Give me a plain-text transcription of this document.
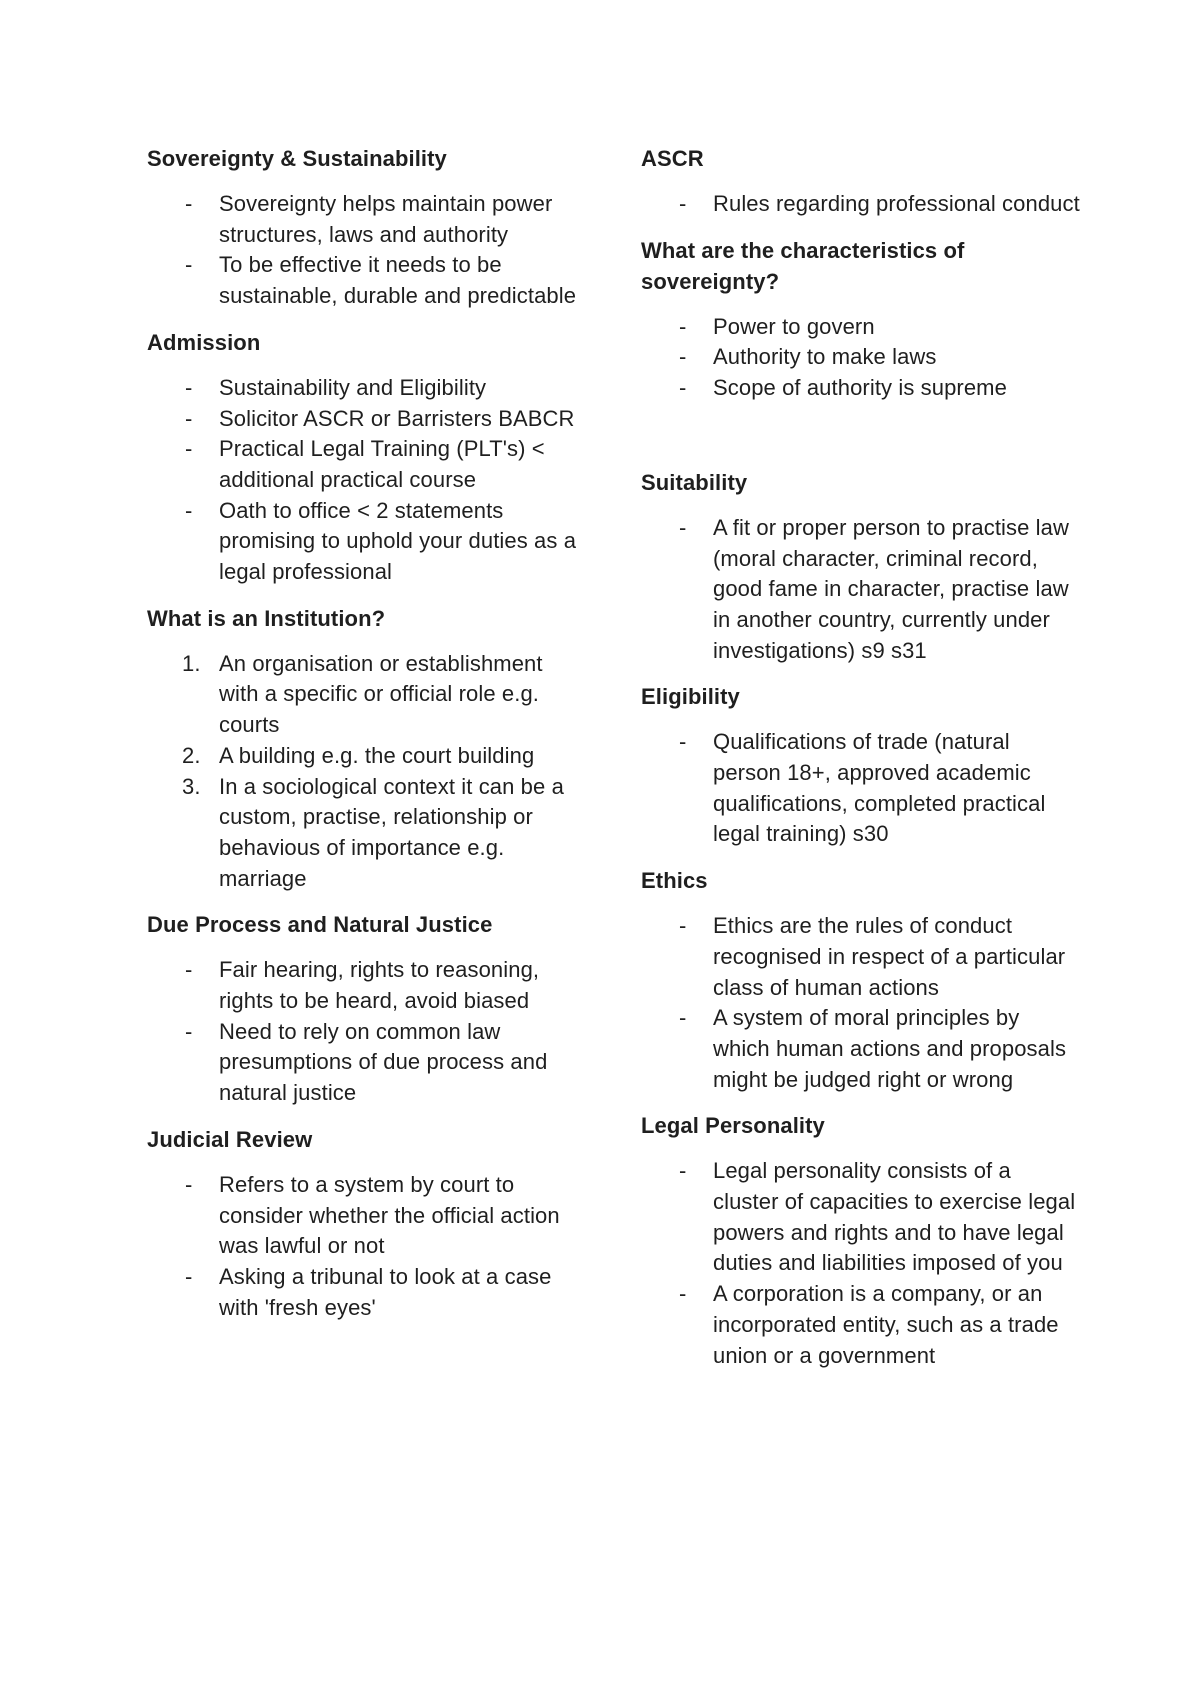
Sovereignty & Sustainability
- Sovereignty helps maintain power structures, laws and authority
- To be effective it needs to be sustainable, durable and predictable
Admission
- Sustainability and Eligibility
- Solicitor ASCR or Barristers BABCR
- Practical Legal Training (PLT's) < additional practical course
- Oath to office < 2 statements promising to uphold your duties as a legal professional
What is an Institution?
1. An organisation or establishment with a specific or official role e.g. courts
2. A building e.g. the court building
3. In a sociological context it can be a custom, practise, relationship or behavious of importance e.g. marriage
Due Process and Natural Justice
- Fair hearing, rights to reasoning, rights to be heard, avoid biased
- Need to rely on common law presumptions of due process and natural justice
Judicial Review
- Refers to a system by court to consider whether the official action was lawful or not
- Asking a tribunal to look at a case with 'fresh eyes'
ASCR
- Rules regarding professional conduct
What are the characteristics of sovereignty?
- Power to govern
- Authority to make laws
- Scope of authority is supreme
Suitability
- A fit or proper person to practise law (moral character, criminal record, good fame in character, practise law in another country, currently under investigations) s9 s31
Eligibility
- Qualifications of trade (natural person 18+, approved academic qualifications, completed practical legal training) s30
Ethics
- Ethics are the rules of conduct recognised in respect of a particular class of human actions
- A system of moral principles by which human actions and proposals might be judged right or wrong
Legal Personality
- Legal personality consists of a cluster of capacities to exercise legal powers and rights and to have legal duties and liabilities imposed of you
- A corporation is a company, or an incorporated entity, such as a trade union or a government
